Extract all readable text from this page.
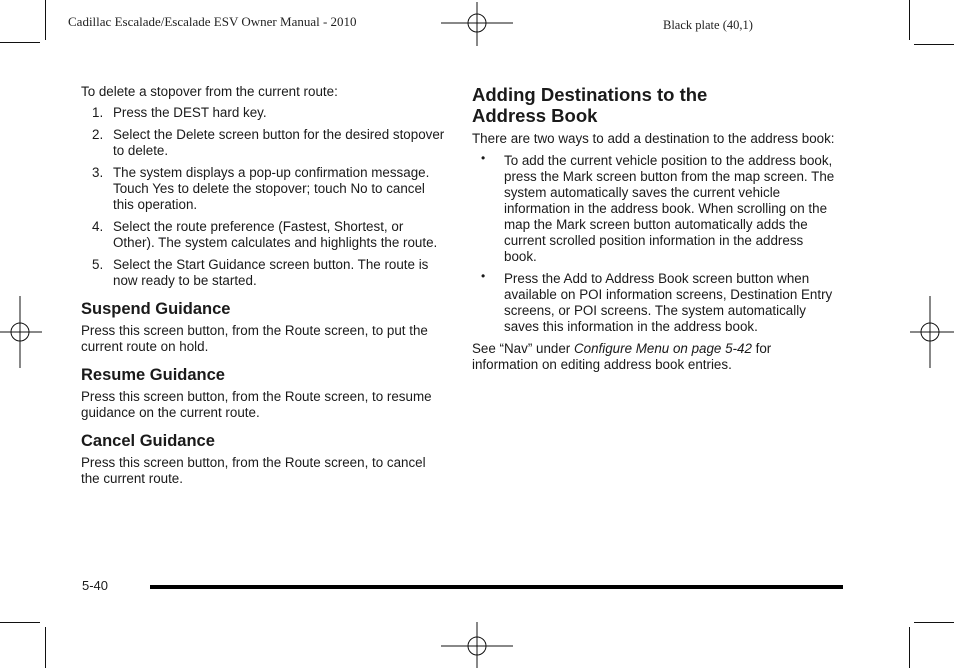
Cadillac Escalade/Escalade ESV Owner Manual - 2010	Black plate (40,1)

To delete a stopover from the current route:

1. Press the DEST hard key.
2. Select the Delete screen button for the desired stopover to delete.
3. The system displays a pop-up confirmation message. Touch Yes to delete the stopover; touch No to cancel this operation.
4. Select the route preference (Fastest, Shortest, or Other). The system calculates and highlights the route.
5. Select the Start Guidance screen button. The route is now ready to be started.
Suspend Guidance

Press this screen button, from the Route screen, to put the current route on hold.

Resume Guidance

Press this screen button, from the Route screen, to resume guidance on the current route.

Cancel Guidance

Press this screen button, from the Route screen, to cancel the current route.

Adding Destinations to the
Address Book

There are two ways to add a destination to the address book:

• To add the current vehicle position to the address book, press the Mark screen button from the map screen. The system automatically saves the current vehicle information in the address book. When scrolling on the map the Mark screen button automatically adds the current scrolled position information in the address book.
• Press the Add to Address Book screen button when available on POI information screens, Destination Entry screens, or POI screens. The system automatically saves this information in the address book.

See “Nav” under Configure Menu on page 5-42 for information on editing address book entries.

5-40
